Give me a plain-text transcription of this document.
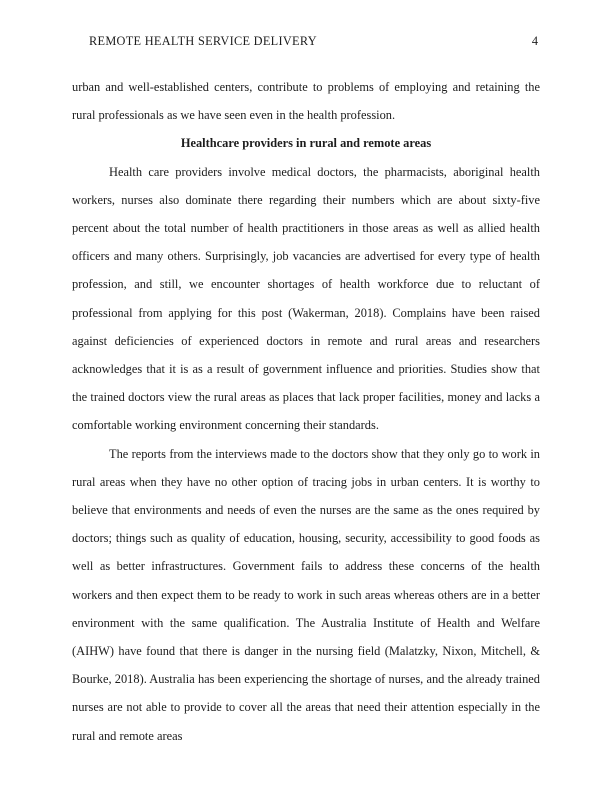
REMOTE HEALTH SERVICE DELIVERY	4

urban and well-established centers, contribute to problems of employing and retaining the rural professionals as we have seen even in the health profession.

Healthcare providers in rural and remote areas

Health care providers involve medical doctors, the pharmacists, aboriginal health workers, nurses also dominate there regarding their numbers which are about sixty-five percent about the total number of health practitioners in those areas as well as allied health officers and many others. Surprisingly, job vacancies are advertised for every type of health profession, and still, we encounter shortages of health workforce due to reluctant of professional from applying for this post (Wakerman, 2018). Complains have been raised against deficiencies of experienced doctors in remote and rural areas and researchers acknowledges that it is as a result of government influence and priorities. Studies show that the trained doctors view the rural areas as places that lack proper facilities, money and lacks a comfortable working environment concerning their standards.

The reports from the interviews made to the doctors show that they only go to work in rural areas when they have no other option of tracing jobs in urban centers. It is worthy to believe that environments and needs of even the nurses are the same as the ones required by doctors; things such as quality of education, housing, security, accessibility to good foods as well as better infrastructures. Government fails to address these concerns of the health workers and then expect them to be ready to work in such areas whereas others are in a better environment with the same qualification. The Australia Institute of Health and Welfare (AIHW) have found that there is danger in the nursing field (Malatzky, Nixon, Mitchell, & Bourke, 2018). Australia has been experiencing the shortage of nurses, and the already trained nurses are not able to provide to cover all the areas that need their attention especially in the rural and remote areas
